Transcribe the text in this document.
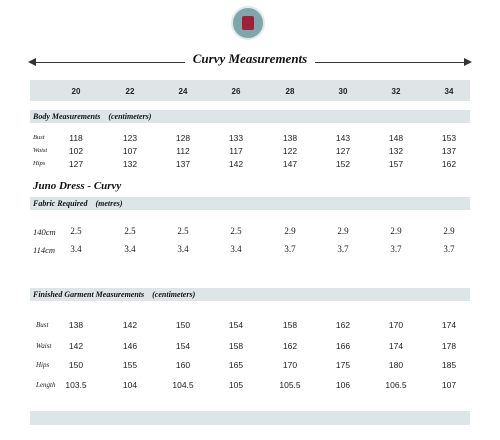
Curvy Measurements
20	22	24	26	28	30	32	34
Body Measurements    (centimeters)
Bust	118	123	128	133	138	143	148	153
Waist	102	107	112	117	122	127	132	137
Hips	127	132	137	142	147	152	157	162
Juno Dress - Curvy
Fabric Required    (metres)
140cm	2.5	2.5	2.5	2.5	2.9	2.9	2.9	2.9
114cm	3.4	3.4	3.4	3.4	3.7	3.7	3.7	3.7
Finished Garment Measurements    (centimeters)
Bust	138	142	150	154	158	162	170	174
Waist	142	146	154	158	162	166	174	178
Hips	150	155	160	165	170	175	180	185
Length	103.5	104	104.5	105	105.5	106	106.5	107
